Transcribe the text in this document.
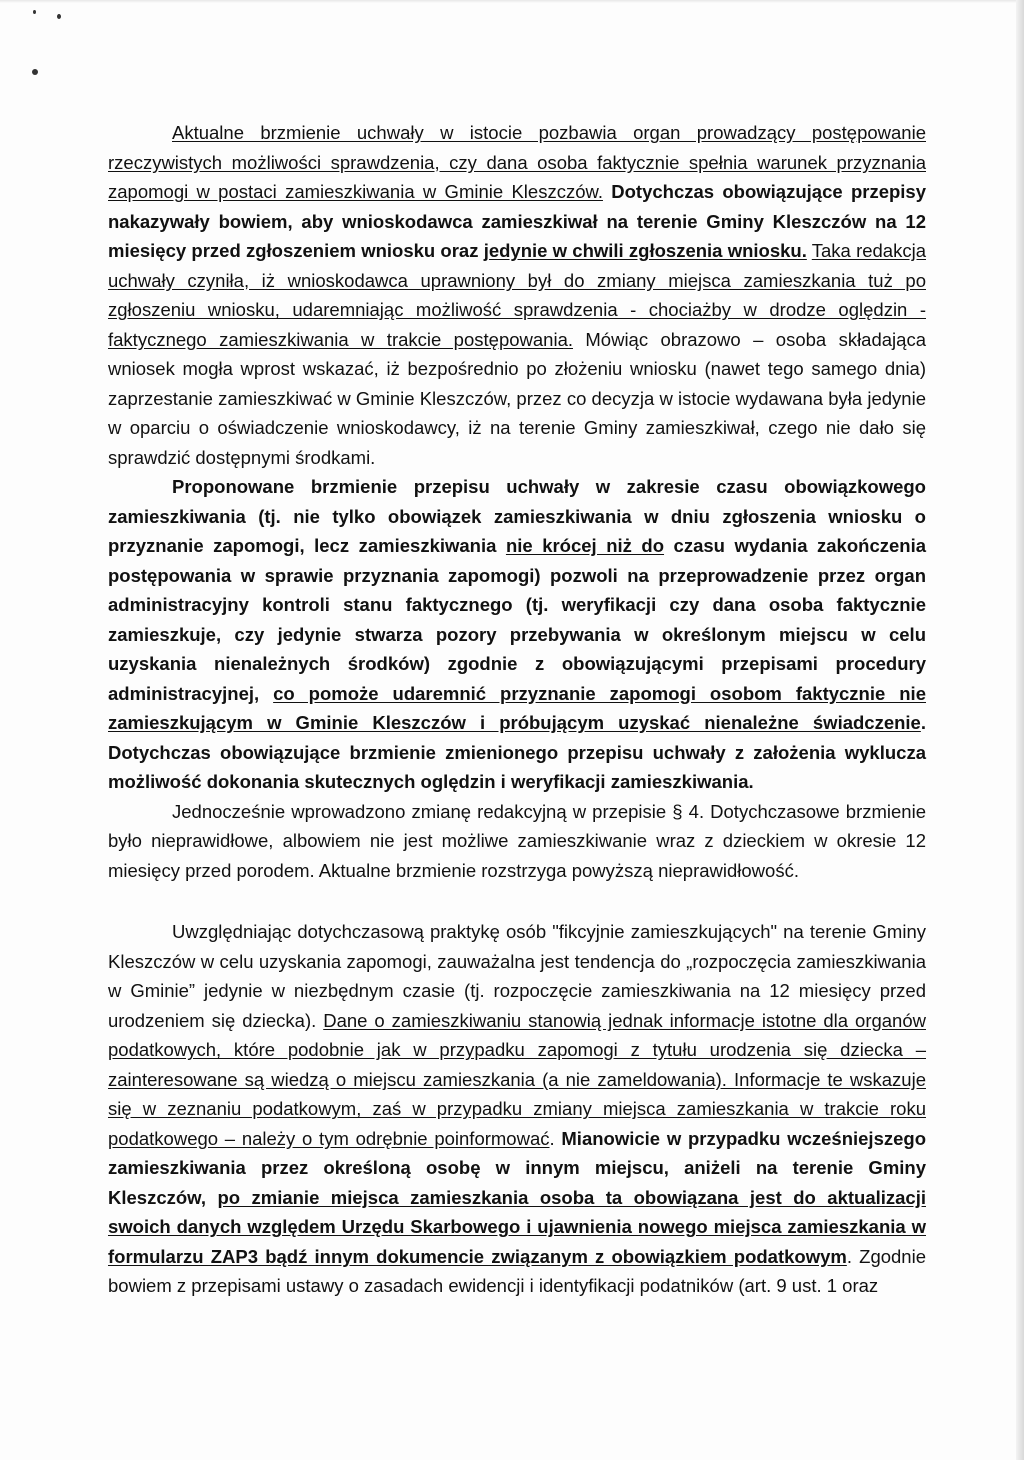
Aktualne brzmienie uchwały w istocie pozbawia organ prowadzący postępowanie rzeczywistych możliwości sprawdzenia, czy dana osoba faktycznie spełnia warunek przyznania zapomogi w postaci zamieszkiwania w Gminie Kleszczów. Dotychczas obowiązujące przepisy nakazywały bowiem, aby wnioskodawca zamieszkiwał na terenie Gminy Kleszczów na 12 miesięcy przed zgłoszeniem wniosku oraz jedynie w chwili zgłoszenia wniosku. Taka redakcja uchwały czyniła, iż wnioskodawca uprawniony był do zmiany miejsca zamieszkania tuż po zgłoszeniu wniosku, udaremniając możliwość sprawdzenia - chociażby w drodze oględzin - faktycznego zamieszkiwania w trakcie postępowania. Mówiąc obrazowo – osoba składająca wniosek mogła wprost wskazać, iż bezpośrednio po złożeniu wniosku (nawet tego samego dnia) zaprzestanie zamieszkiwać w Gminie Kleszczów, przez co decyzja w istocie wydawana była jedynie w oparciu o oświadczenie wnioskodawcy, iż na terenie Gminy zamieszkiwał, czego nie dało się sprawdzić dostępnymi środkami.

Proponowane brzmienie przepisu uchwały w zakresie czasu obowiązkowego zamieszkiwania (tj. nie tylko obowiązek zamieszkiwania w dniu zgłoszenia wniosku o przyznanie zapomogi, lecz zamieszkiwania nie krócej niż do czasu wydania zakończenia postępowania w sprawie przyznania zapomogi) pozwoli na przeprowadzenie przez organ administracyjny kontroli stanu faktycznego (tj. weryfikacji czy dana osoba faktycznie zamieszkuje, czy jedynie stwarza pozory przebywania w określonym miejscu w celu uzyskania nienależnych środków) zgodnie z obowiązującymi przepisami procedury administracyjnej, co pomoże udaremnić przyznanie zapomogi osobom faktycznie nie zamieszkującym w Gminie Kleszczów i próbującym uzyskać nienależne świadczenie. Dotychczas obowiązujące brzmienie zmienionego przepisu uchwały z założenia wyklucza możliwość dokonania skutecznych oględzin i weryfikacji zamieszkiwania.

Jednocześnie wprowadzono zmianę redakcyjną w przepisie § 4. Dotychczasowe brzmienie było nieprawidłowe, albowiem nie jest możliwe zamieszkiwanie wraz z dzieckiem w okresie 12 miesięcy przed porodem. Aktualne brzmienie rozstrzyga powyższą nieprawidłowość.

Uwzględniając dotychczasową praktykę osób "fikcyjnie zamieszkujących" na terenie Gminy Kleszczów w celu uzyskania zapomogi, zauważalna jest tendencja do „rozpoczęcia zamieszkiwania w Gminie” jedynie w niezbędnym czasie (tj. rozpoczęcie zamieszkiwania na 12 miesięcy przed urodzeniem się dziecka). Dane o zamieszkiwaniu stanowią jednak informacje istotne dla organów podatkowych, które podobnie jak w przypadku zapomogi z tytułu urodzenia się dziecka – zainteresowane są wiedzą o miejscu zamieszkania (a nie zameldowania). Informacje te wskazuje się w zeznaniu podatkowym, zaś w przypadku zmiany miejsca zamieszkania w trakcie roku podatkowego – należy o tym odrębnie poinformować. Mianowicie w przypadku wcześniejszego zamieszkiwania przez określoną osobę w innym miejscu, aniżeli na terenie Gminy Kleszczów, po zmianie miejsca zamieszkania osoba ta obowiązana jest do aktualizacji swoich danych względem Urzędu Skarbowego i ujawnienia nowego miejsca zamieszkania w formularzu ZAP3 bądź innym dokumencie związanym z obowiązkiem podatkowym. Zgodnie bowiem z przepisami ustawy o zasadach ewidencji i identyfikacji podatników (art. 9 ust. 1 oraz
